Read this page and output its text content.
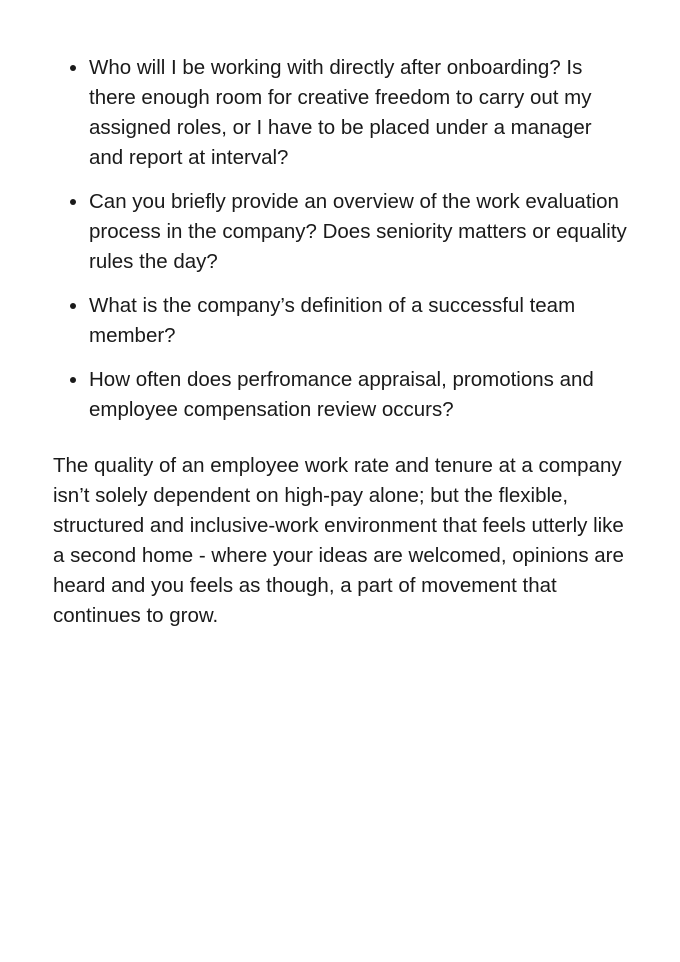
Who will I be working with directly after onboarding? Is there enough room for creative freedom to carry out my assigned roles, or I have to be placed under a manager and report at interval?
Can you briefly provide an overview of the work evaluation process in the company? Does seniority matters or equality rules the day?
What is the company’s definition of a successful team member?
How often does perfromance appraisal, promotions and employee compensation review occurs?

The quality of an employee work rate and tenure at a company isn’t solely dependent on high-pay alone; but the flexible, structured and inclusive-work environment that feels utterly like a second home - where your ideas are welcomed, opinions are heard and you feels as though, a part of movement that continues to grow.
